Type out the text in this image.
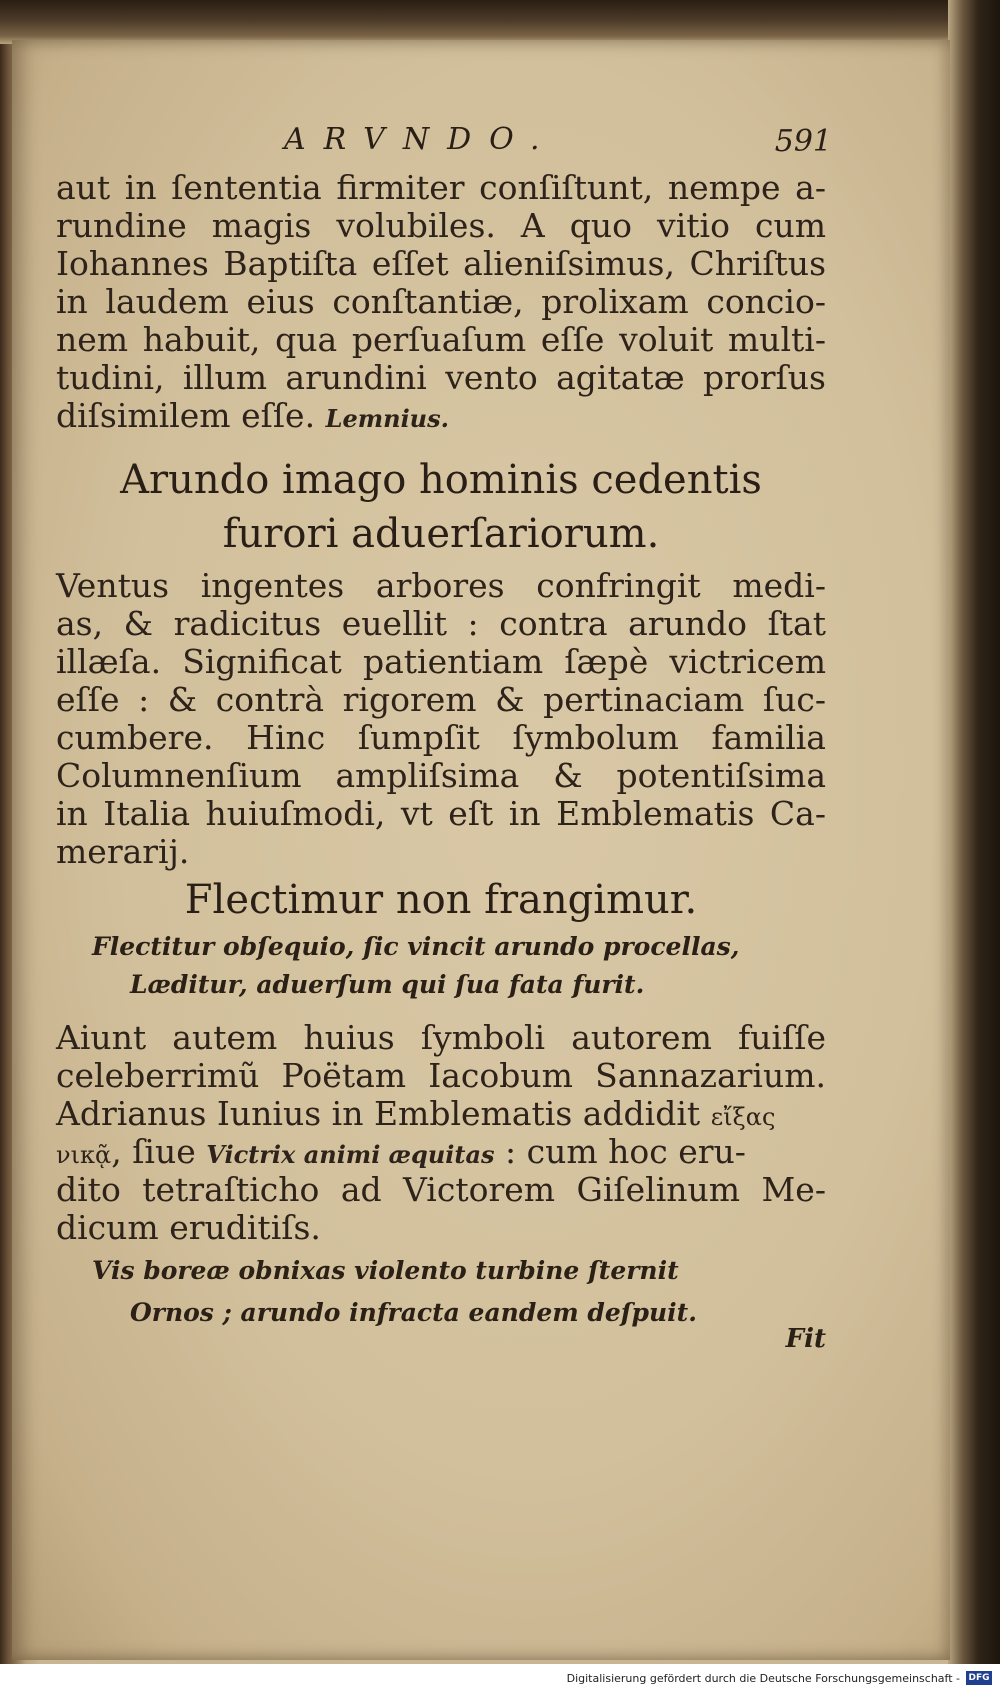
ARVNDO.	591
aut in ſententia firmiter conſiſtunt, nempe a-
rundine magis volubiles. A quo vitio cum
Iohannes Baptiſta eſſet alieniſsimus, Chriſtus
in laudem eius conſtantiæ, prolixam concio-
nem habuit, qua perſuaſum eſſe voluit multi-
tudini, illum arundini vento agitatæ prorſus
diſsimilem eſſe. Lemnius.
Arundo imago hominis cedentis
furori aduerſariorum.
Ventus ingentes arbores confringit medi-
as, & radicitus euellit : contra arundo ſtat
illæſa. Significat patientiam ſæpè victricem
eſſe : & contrà rigorem & pertinaciam ſuc-
cumbere. Hinc ſumpſit ſymbolum familia
Columnenſium ampliſsima & potentiſsima
in Italia huiuſmodi, vt eſt in Emblematis Ca-
merarij.
Flectimur non frangimur.
Flectitur obſequio, ſic vincit arundo procellas,
Læditur, aduerſum qui ſua fata furit.
Aiunt autem huius ſymboli autorem fuiſſe
celeberrimũ Poëtam Iacobum Sannazarium.
Adrianus Iunius in Emblematis addidit εἴξας
νικᾷ, ſiue Victrix animi æquitas : cum hoc eru-
dito tetraſticho ad Victorem Giſelinum Me-
dicum eruditiſs.
Vis boreæ obnixas violento turbine ſternit
Ornos ; arundo infracta eandem deſpuit.
Fit
Digitalisierung gefördert durch die Deutsche Forschungsgemeinschaft - DFG
